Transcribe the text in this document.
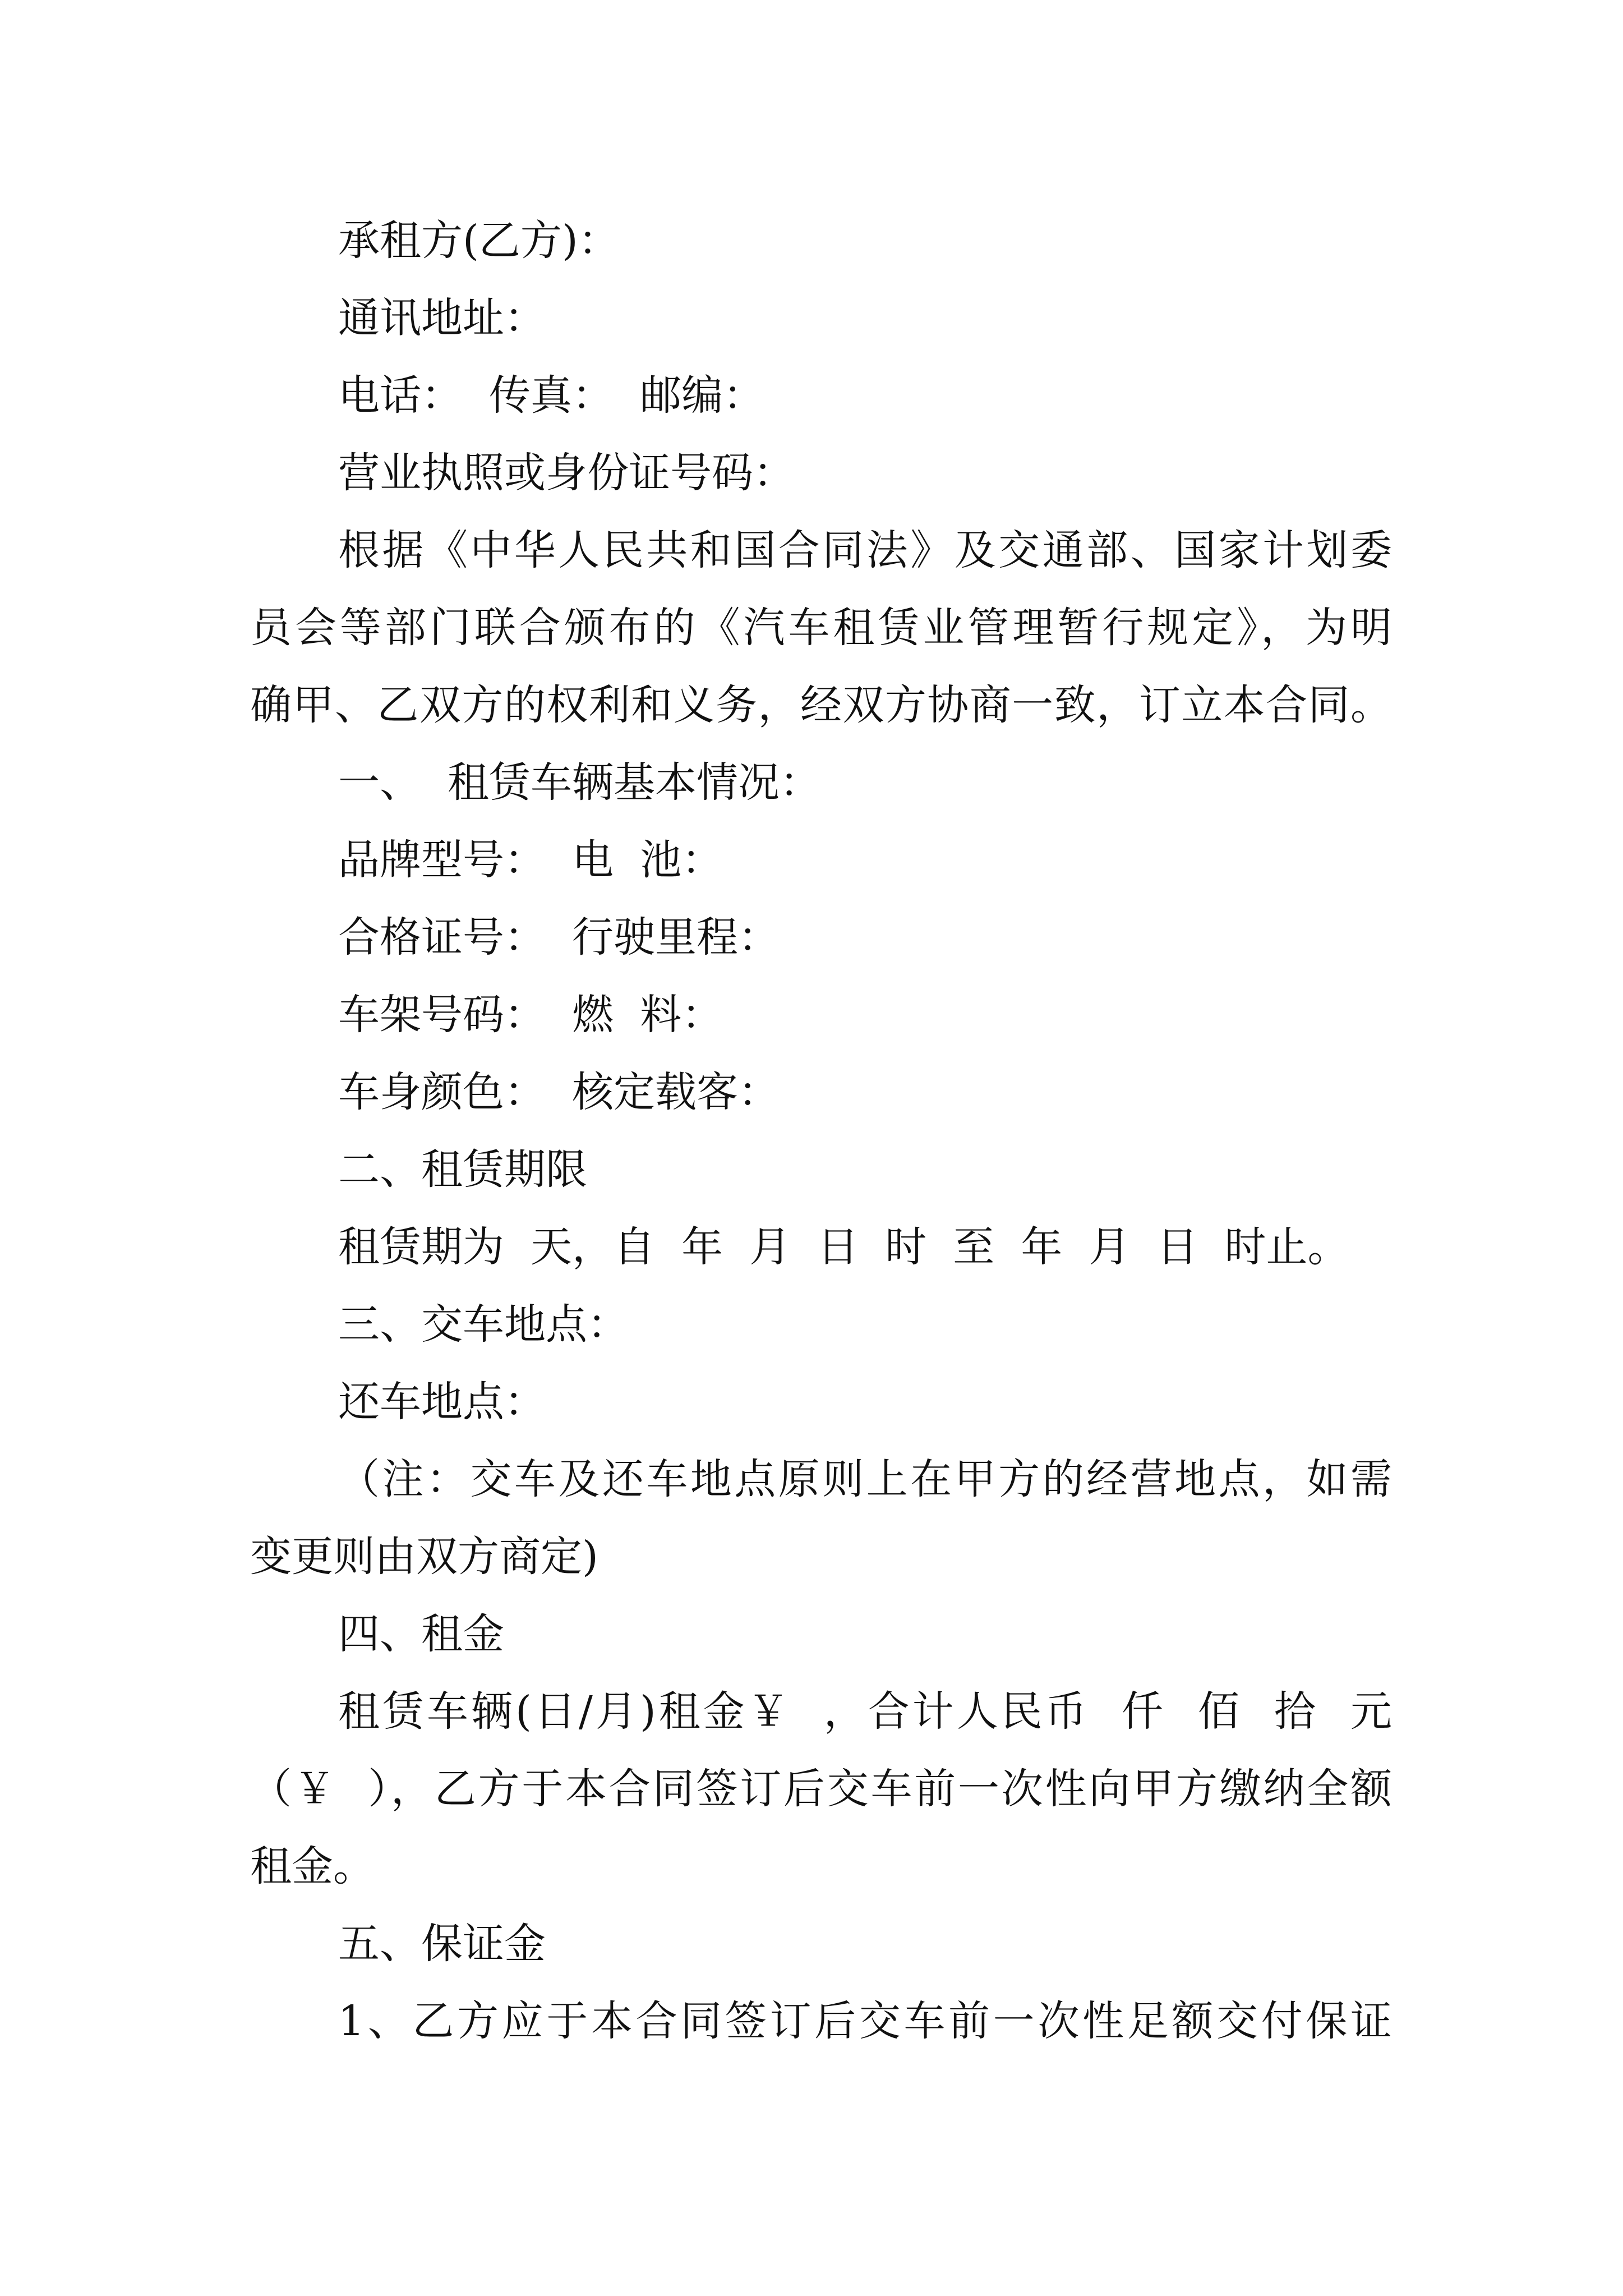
承租方(乙方)：
通讯地址：
电话：  传真：  邮编：
营业执照或身份证号码：
根据《中华人民共和国合同法》及交通部、国家计划委
员会等部门联合颁布的《汽车租赁业管理暂行规定》，为明
确甲、乙双方的权利和义务，经双方协商一致，订立本合同。
一、  租赁车辆基本情况：
品牌型号：  电  池：
合格证号：  行驶里程：
车架号码：  燃  料：
车身颜色：  核定载客：
二、租赁期限
租赁期为  天，自  年  月  日  时  至  年  月  日  时止。
三、交车地点：
还车地点：
（注：交车及还车地点原则上在甲方的经营地点，如需
变更则由双方商定)
四、租金
租赁车辆(日/月)租金￥  ，合计人民币  仟  佰  拾  元
（￥  ），乙方于本合同签订后交车前一次性向甲方缴纳全额
租金。
五、保证金
1、乙方应于本合同签订后交车前一次性足额交付保证
